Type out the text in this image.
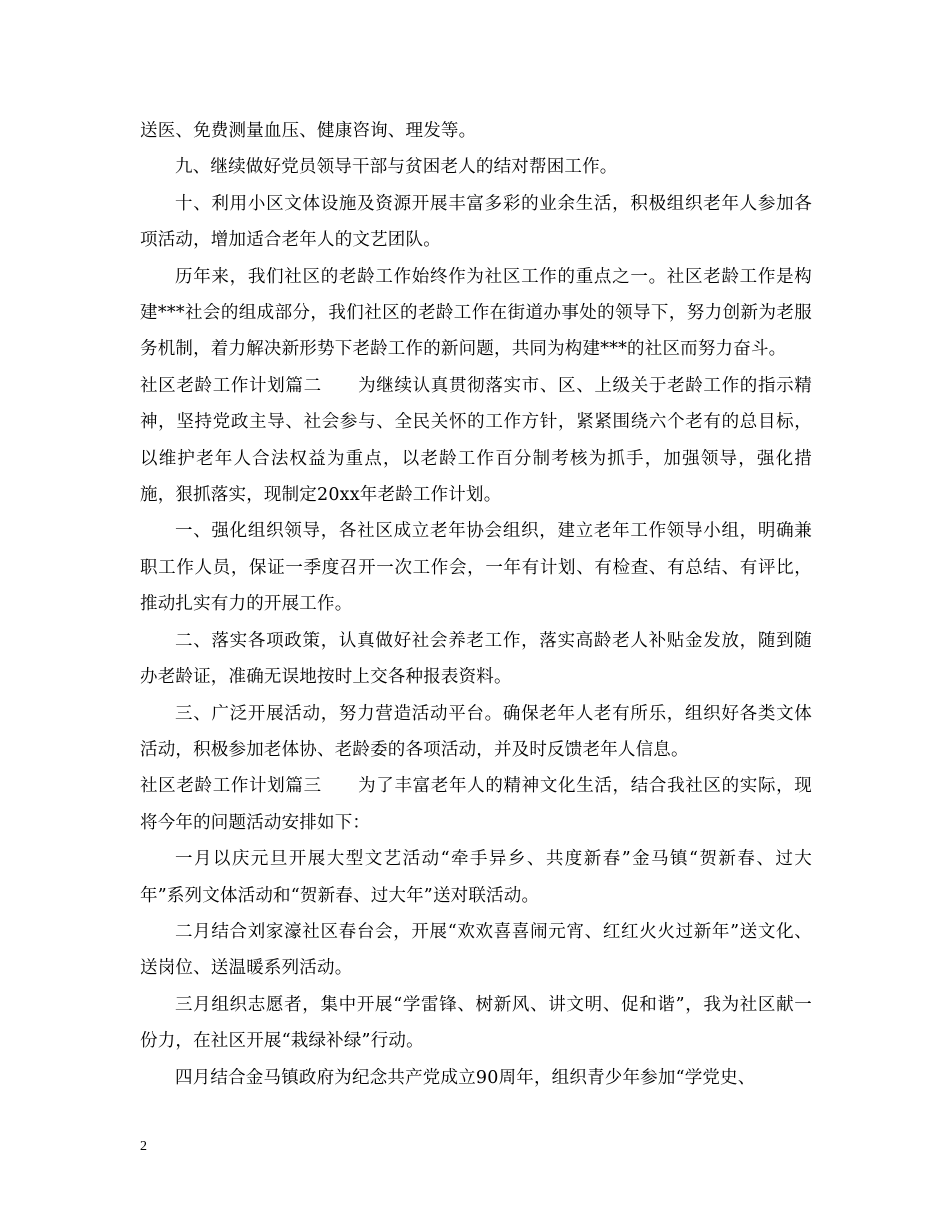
送医、免费测量血压、健康咨询、理发等。

九、继续做好党员领导干部与贫困老人的结对帮困工作。

十、利用小区文体设施及资源开展丰富多彩的业余生活，积极组织老年人参加各项活动，增加适合老年人的文艺团队。

历年来，我们社区的老龄工作始终作为社区工作的重点之一。社区老龄工作是构建***社会的组成部分，我们社区的老龄工作在街道办事处的领导下，努力创新为老服务机制，着力解决新形势下老龄工作的新问题，共同为构建***的社区而努力奋斗。

社区老龄工作计划篇二　　为继续认真贯彻落实市、区、上级关于老龄工作的指示精神，坚持党政主导、社会参与、全民关怀的工作方针，紧紧围绕六个老有的总目标，以维护老年人合法权益为重点，以老龄工作百分制考核为抓手，加强领导，强化措施，狠抓落实，现制定20xx年老龄工作计划。

一、强化组织领导，各社区成立老年协会组织，建立老年工作领导小组，明确兼职工作人员，保证一季度召开一次工作会，一年有计划、有检查、有总结、有评比，推动扎实有力的开展工作。

二、落实各项政策，认真做好社会养老工作，落实高龄老人补贴金发放，随到随办老龄证，准确无误地按时上交各种报表资料。

三、广泛开展活动，努力营造活动平台。确保老年人老有所乐，组织好各类文体活动，积极参加老体协、老龄委的各项活动，并及时反馈老年人信息。

社区老龄工作计划篇三　　为了丰富老年人的精神文化生活，结合我社区的实际，现将今年的问题活动安排如下：

一月以庆元旦开展大型文艺活动“牵手异乡、共度新春”金马镇“贺新春、过大年”系列文体活动和“贺新春、过大年”送对联活动。

二月结合刘家濠社区春台会，开展“欢欢喜喜闹元宵、红红火火过新年”送文化、送岗位、送温暖系列活动。

三月组织志愿者，集中开展“学雷锋、树新风、讲文明、促和谐”，我为社区献一份力，在社区开展“栽绿补绿”行动。

四月结合金马镇政府为纪念共产党成立90周年，组织青少年参加“学党史、

2
